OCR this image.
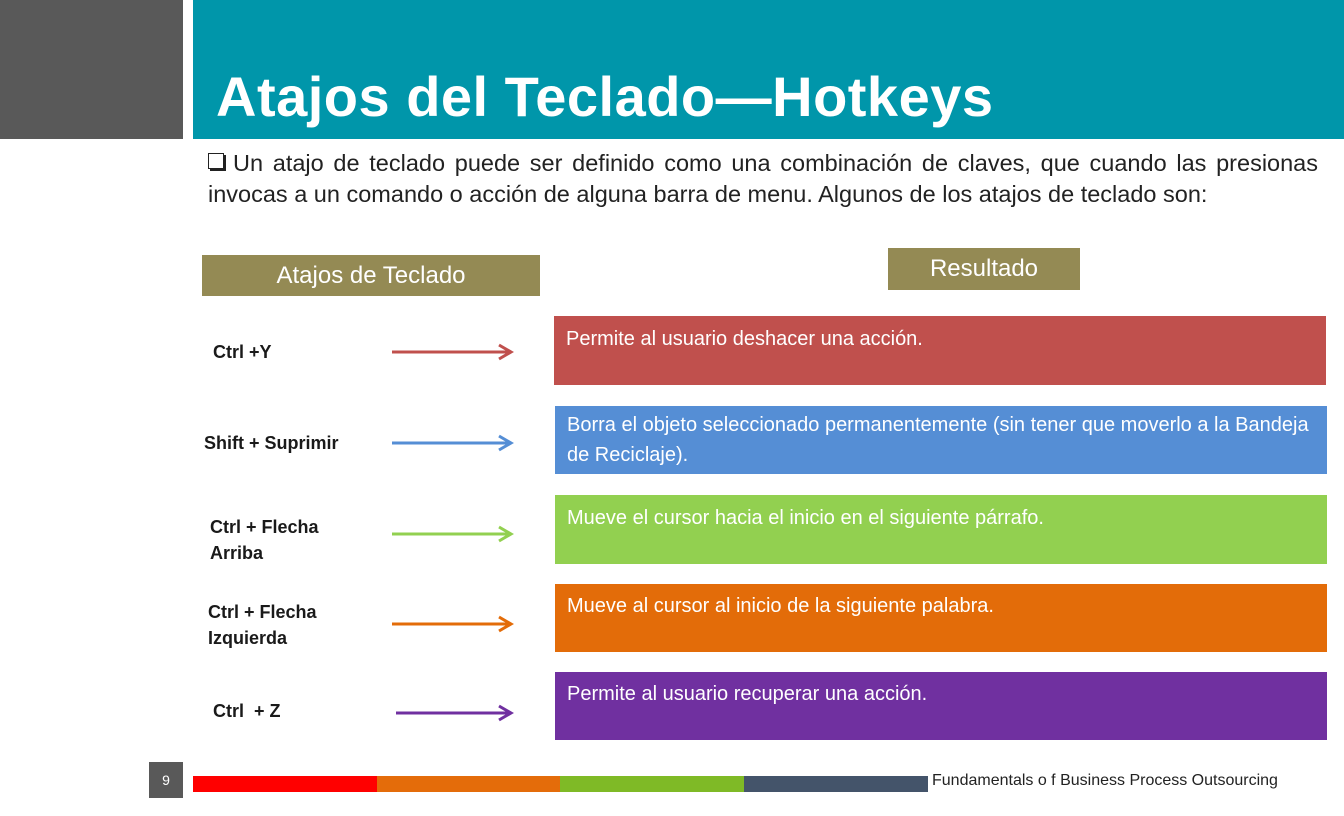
Atajos del Teclado—Hotkeys
Un atajo de teclado puede ser definido como una combinación de claves, que cuando las presionas invocas a un comando o acción de alguna barra de menu. Algunos de los atajos de teclado son:
Atajos de Teclado	Resultado
Ctrl +Y
Shift + Suprimir
Ctrl + Flecha Arriba
Ctrl + Flecha Izquierda
Ctrl  + Z
Permite al usuario deshacer una acción.
Borra el objeto seleccionado permanentemente (sin tener que moverlo a la Bandeja de Reciclaje).
Mueve el cursor hacia el inicio en el siguiente párrafo.
Mueve al cursor al inicio de la siguiente palabra.
Permite al usuario recuperar una acción.
9	Fundamentals o f Business Process Outsourcing
